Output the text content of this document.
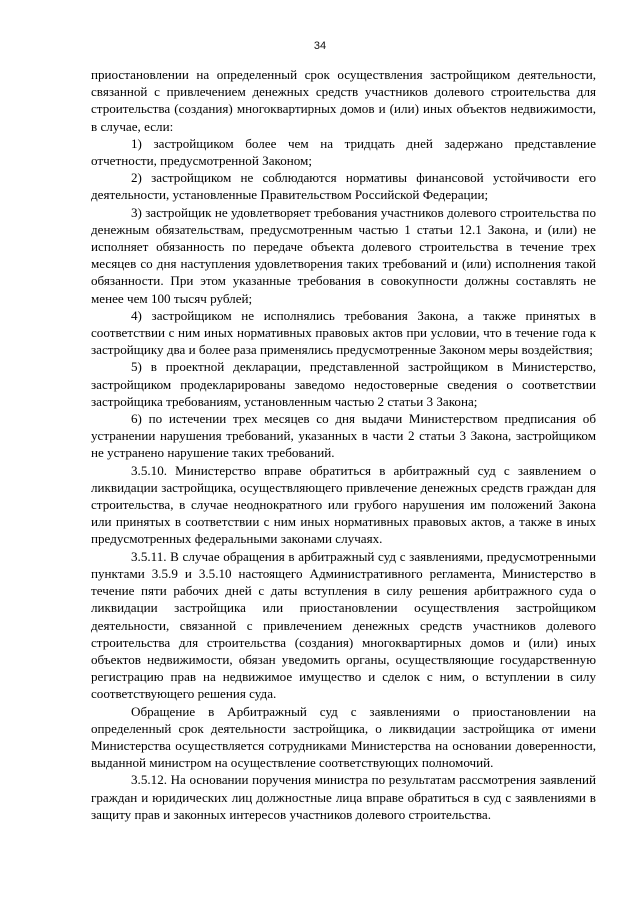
34

приостановлении на определенный срок осуществления застройщиком деятельности, связанной с привлечением денежных средств участников долевого строительства для строительства (создания) многоквартирных домов и (или) иных объектов недвижимости, в случае, если:

1) застройщиком более чем на тридцать дней задержано представление отчетности, предусмотренной Законом;

2) застройщиком не соблюдаются нормативы финансовой устойчивости его деятельности, установленные Правительством Российской Федерации;

3) застройщик не удовлетворяет требования участников долевого строительства по денежным обязательствам, предусмотренным частью 1 статьи 12.1 Закона, и (или) не исполняет обязанность по передаче объекта долевого строительства в течение трех месяцев со дня наступления удовлетворения таких требований и (или) исполнения такой обязанности. При этом указанные требования в совокупности должны составлять не менее чем 100 тысяч рублей;

4) застройщиком не исполнялись требования Закона, а также принятых в соответствии с ним иных нормативных правовых актов при условии, что в течение года к застройщику два и более раза применялись предусмотренные Законом меры воздействия;

5) в проектной декларации, представленной застройщиком в Министерство, застройщиком продекларированы заведомо недостоверные сведения о соответствии застройщика требованиям, установленным частью 2 статьи 3 Закона;

6) по истечении трех месяцев со дня выдачи Министерством предписания об устранении нарушения требований, указанных в части 2 статьи 3 Закона, застройщиком не устранено нарушение таких требований.

3.5.10. Министерство вправе обратиться в арбитражный суд с заявлением о ликвидации застройщика, осуществляющего привлечение денежных средств граждан для строительства, в случае неоднократного или грубого нарушения им положений Закона или принятых в соответствии с ним иных нормативных правовых актов, а также в иных предусмотренных федеральными законами случаях.

3.5.11. В случае обращения в арбитражный суд с заявлениями, предусмотренными пунктами 3.5.9 и 3.5.10 настоящего Административного регламента, Министерство в течение пяти рабочих дней с даты вступления в силу решения арбитражного суда о ликвидации застройщика или приостановлении осуществления застройщиком деятельности, связанной с привлечением денежных средств участников долевого строительства для строительства (создания) многоквартирных домов и (или) иных объектов недвижимости, обязан уведомить органы, осуществляющие государственную регистрацию прав на недвижимое имущество и сделок с ним, о вступлении в силу соответствующего решения суда.

Обращение в Арбитражный суд с заявлениями о приостановлении на определенный срок деятельности застройщика, о ликвидации застройщика от имени Министерства осуществляется сотрудниками Министерства на основании доверенности, выданной министром на осуществление соответствующих полномочий.

3.5.12. На основании поручения министра по результатам рассмотрения заявлений граждан и юридических лиц должностные лица вправе обратиться в суд с заявлениями в защиту прав и законных интересов участников долевого строительства.
